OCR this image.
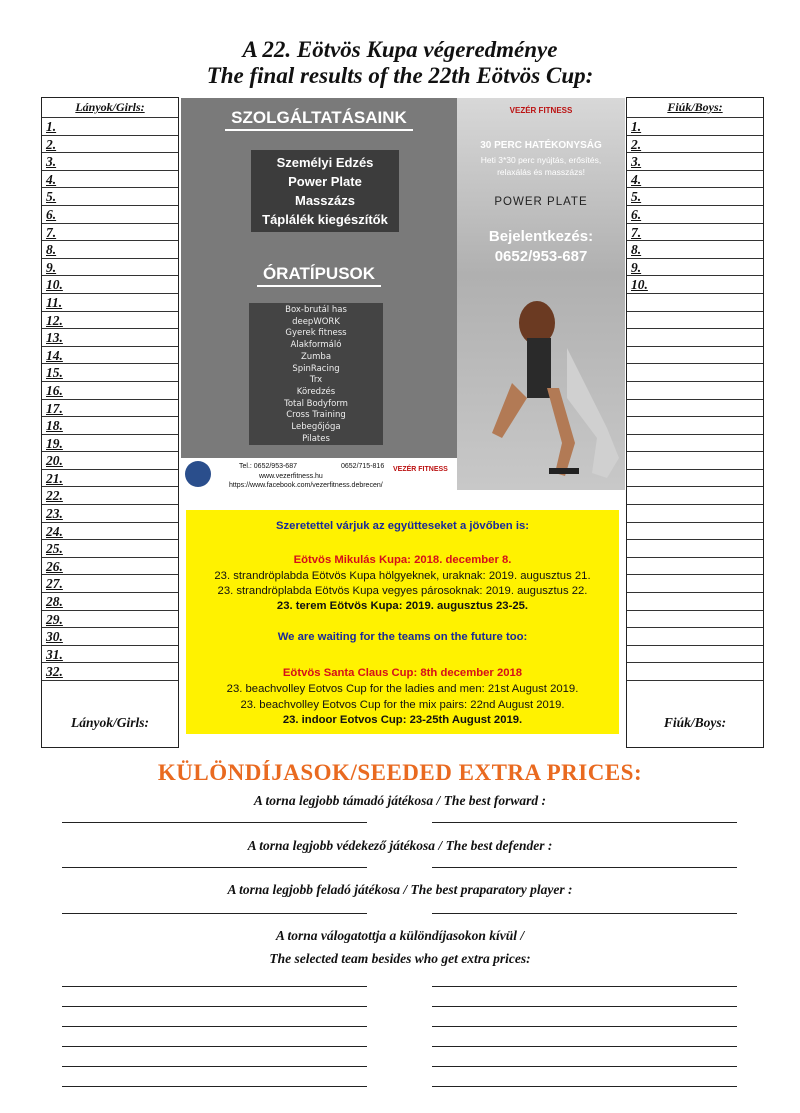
A 22. Eötvös Kupa végeredménye
The final results of the 22th Eötvös Cup:
Lányok/Girls:
1.
2.
3.
4.
5.
6.
7.
8.
9.
10.
11.
12.
13.
14.
15.
16.
17.
18.
19.
20.
21.
22.
23.
24.
25.
26.
27.
28.
29.
30.
31.
32.
Lányok/Girls:
Fiúk/Boys:
1.
2.
3.
4.
5.
6.
7.
8.
9.
10.
Fiúk/Boys:
SZOLGÁLTATÁSAINK
Személyi Edzés
Power Plate
Masszázs
Táplálék kiegészítők
ÓRATÍPUSOK
Box-brutál has
deepWORK
Gyerek fitness
Alakformáló
Zumba
SpinRacing
Trx
Köredzés
Total Bodyform
Cross Training
Lebegőjóga
Pilates
Tel.: 0652/953-687	0652/715-816
www.vezerfitness.hu
https://www.facebook.com/vezerfitness.debrecen/
VEZÉR FITNESS
VEZÉR FITNESS
30 PERC HATÉKONYSÁG
Heti 3*30 perc nyújtás, erősítés,
relaxálás és masszázs!
POWER PLATE
Bejelentkezés:
0652/953-687
Szeretettel várjuk az együtteseket a jövőben is:
Eötvös Mikulás Kupa: 2018. december 8.
23. strandröplabda Eötvös Kupa hölgyeknek, uraknak: 2019. augusztus 21.
23. strandröplabda Eötvös Kupa vegyes párosoknak: 2019. augusztus 22.
23. terem Eötvös Kupa: 2019. augusztus 23-25.
We are waiting for the teams on the future too:
Eötvös Santa Claus Cup: 8th december 2018
23. beachvolley Eotvos Cup for the ladies and men: 21st August 2019.
23. beachvolley Eotvos Cup for the mix pairs: 22nd August 2019.
23. indoor Eotvos Cup: 23-25th August 2019.
KÜLÖNDÍJASOK/SEEDED EXTRA PRICES:
A torna legjobb támadó játékosa / The best forward :
A torna legjobb védekező játékosa / The best defender :
A torna legjobb feladó játékosa / The best praparatory player :
A torna válogatottja a különdíjasokon kívül /
The selected team besides who get extra prices:
